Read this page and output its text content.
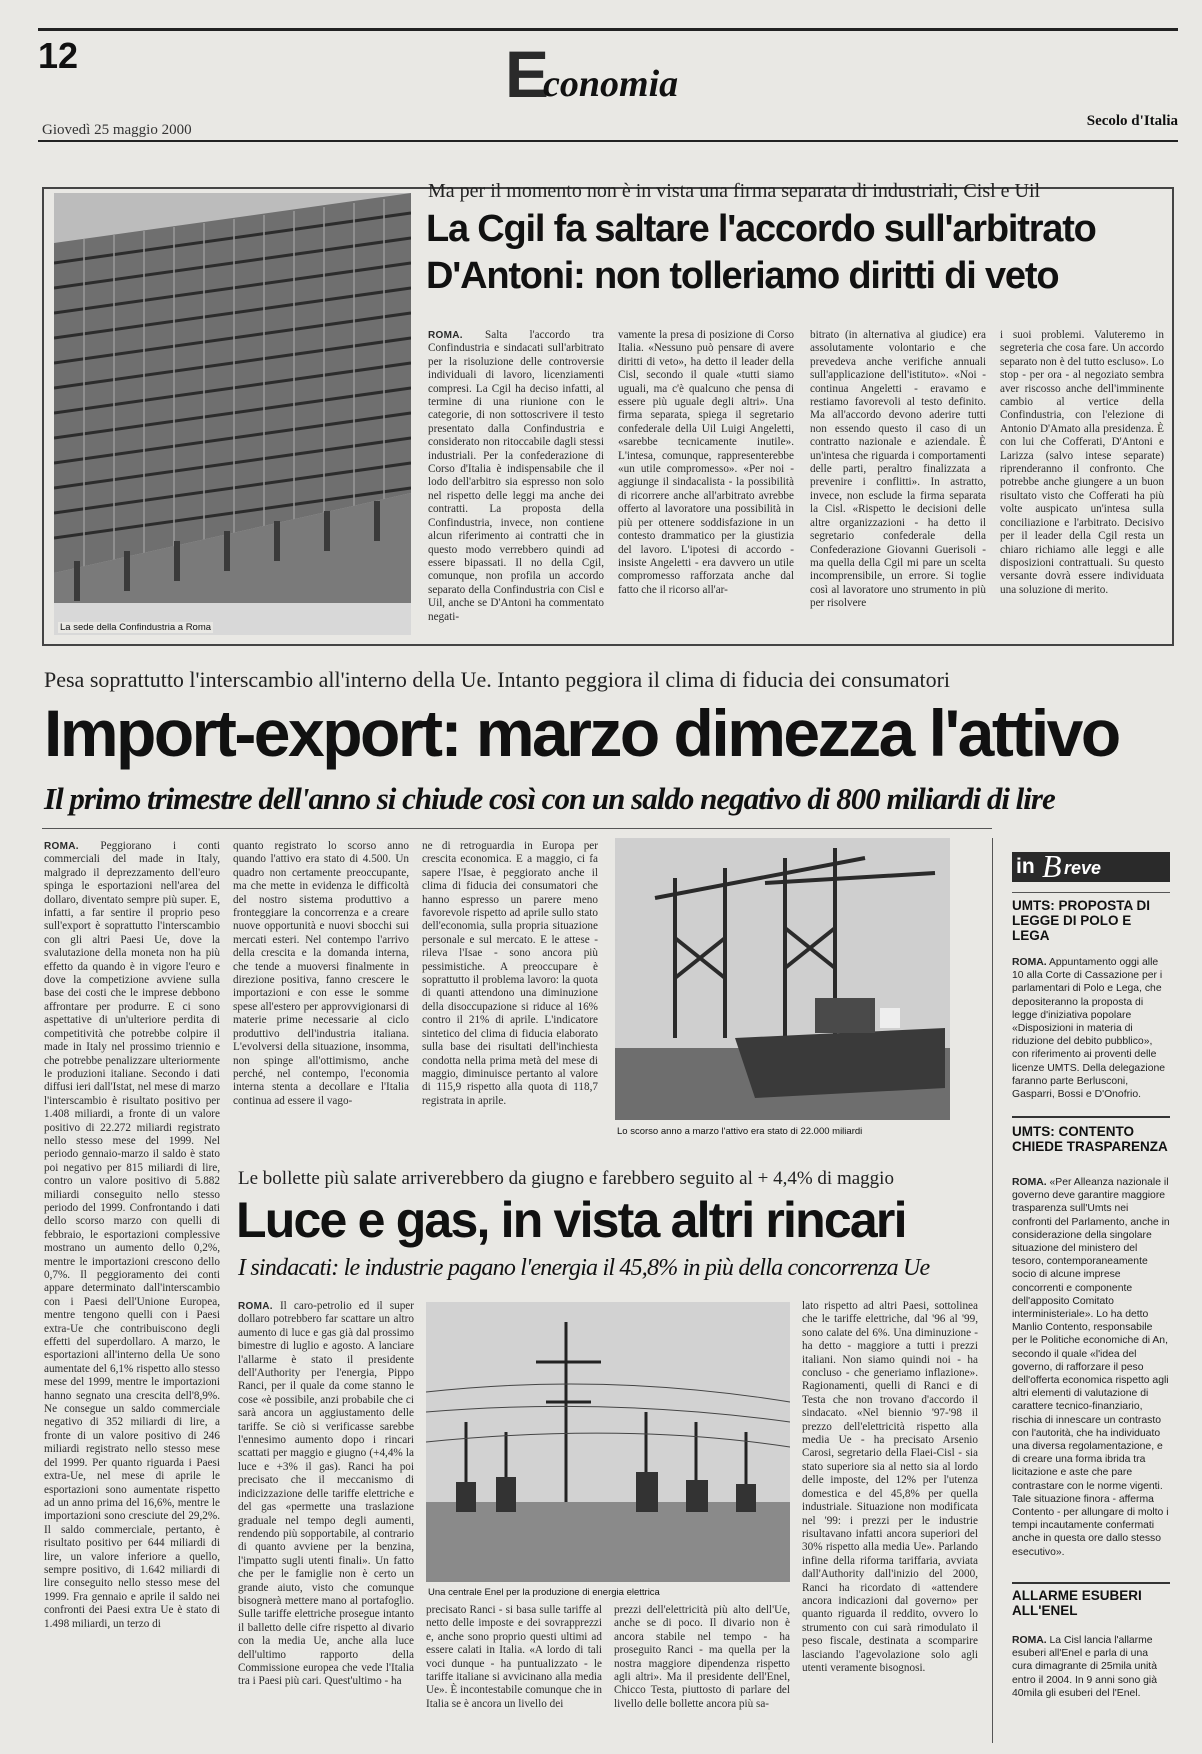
12	Economia
Giovedì 25 maggio 2000
Secolo d'Italia
La sede della Confindustria a Roma
Ma per il momento non è in vista una firma separata di industriali, Cisl e Uil
La Cgil fa saltare l'accordo sull'arbitrato
D'Antoni: non tolleriamo diritti di veto
ROMA. Salta l'accordo tra Confindustria e sindacati sull'arbitrato per la risoluzione delle controversie individuali di lavoro, licenziamenti compresi. La Cgil ha deciso infatti, al termine di una riunione con le categorie, di non sottoscrivere il testo presentato dalla Confindustria e considerato non ritoccabile dagli stessi industriali. Per la confederazione di Corso d'Italia è indispensabile che il lodo dell'arbitro sia espresso non solo nel rispetto delle leggi ma anche dei contratti. La proposta della Confindustria, invece, non contiene alcun riferimento ai contratti che in questo modo verrebbero quindi ad essere bipassati. Il no della Cgil, comunque, non profila un accordo separato della Confindustria con Cisl e Uil, anche se D'Antoni ha commentato negati-
vamente la presa di posizione di Corso Italia. «Nessuno può pensare di avere diritti di veto», ha detto il leader della Cisl, secondo il quale «tutti siamo uguali, ma c'è qualcuno che pensa di essere più uguale degli altri». Una firma separata, spiega il segretario confederale della Uil Luigi Angeletti, «sarebbe tecnicamente inutile». L'intesa, comunque, rappresenterebbe «un utile compromesso». «Per noi - aggiunge il sindacalista - la possibilità di ricorrere anche all'arbitrato avrebbe offerto al lavoratore una possibilità in più per ottenere soddisfazione in un contesto drammatico per la giustizia del lavoro. L'ipotesi di accordo - insiste Angeletti - era davvero un utile compromesso rafforzata anche dal fatto che il ricorso all'ar-
bitrato (in alternativa al giudice) era assolutamente volontario e che prevedeva anche verifiche annuali sull'applicazione dell'istituto». «Noi - continua Angeletti - eravamo e restiamo favorevoli al testo definito. Ma all'accordo devono aderire tutti non essendo questo il caso di un contratto nazionale e aziendale. È un'intesa che riguarda i comportamenti delle parti, peraltro finalizzata a prevenire i conflitti». In astratto, invece, non esclude la firma separata la Cisl. «Rispetto le decisioni delle altre organizzazioni - ha detto il segretario confederale della Confederazione Giovanni Guerisoli - ma quella della Cgil mi pare un scelta incomprensibile, un errore. Si toglie così al lavoratore uno strumento in più per risolvere
i suoi problemi. Valuteremo in segreteria che cosa fare. Un accordo separato non è del tutto escluso». Lo stop - per ora - al negoziato sembra aver riscosso anche dell'imminente cambio al vertice della Confindustria, con l'elezione di Antonio D'Amato alla presidenza. È con lui che Cofferati, D'Antoni e Larizza (salvo intese separate) riprenderanno il confronto. Che potrebbe anche giungere a un buon risultato visto che Cofferati ha più volte auspicato un'intesa sulla conciliazione e l'arbitrato. Decisivo per il leader della Cgil resta un chiaro richiamo alle leggi e alle disposizioni contrattuali. Su questo versante dovrà essere individuata una soluzione di merito.
Pesa soprattutto l'interscambio all'interno della Ue. Intanto peggiora il clima di fiducia dei consumatori
Import-export: marzo dimezza l'attivo
Il primo trimestre dell'anno si chiude così con un saldo negativo di 800 miliardi di lire
ROMA. Peggiorano i conti commerciali del made in Italy, malgrado il deprezzamento dell'euro spinga le esportazioni nell'area del dollaro, diventato sempre più super. E, infatti, a far sentire il proprio peso sull'export è soprattutto l'interscambio con gli altri Paesi Ue, dove la svalutazione della moneta non ha più effetto da quando è in vigore l'euro e dove la competizione avviene sulla base dei costi che le imprese debbono affrontare per produrre. E ci sono aspettative di un'ulteriore perdita di competitività che potrebbe colpire il made in Italy nel prossimo triennio e che potrebbe penalizzare ulteriormente le produzioni italiane. Secondo i dati diffusi ieri dall'Istat, nel mese di marzo l'interscambio è risultato positivo per 1.408 miliardi, a fronte di un valore positivo di 22.272 miliardi registrato nello stesso mese del 1999. Nel periodo gennaio-marzo il saldo è stato poi negativo per 815 miliardi di lire, contro un valore positivo di 5.882 miliardi conseguito nello stesso periodo del 1999. Confrontando i dati dello scorso marzo con quelli di febbraio, le esportazioni complessive mostrano un aumento dello 0,2%, mentre le importazioni crescono dello 0,7%. Il peggioramento dei conti appare determinato dall'interscambio con i Paesi dell'Unione Europea, mentre tengono quelli con i Paesi extra-Ue che contribuiscono degli effetti del superdollaro. A marzo, le esportazioni all'interno della Ue sono aumentate del 6,1% rispetto allo stesso mese del 1999, mentre le importazioni hanno segnato una crescita dell'8,9%. Ne consegue un saldo commerciale negativo di 352 miliardi di lire, a fronte di un valore positivo di 246 miliardi registrato nello stesso mese del 1999. Per quanto riguarda i Paesi extra-Ue, nel mese di aprile le esportazioni sono aumentate rispetto ad un anno prima del 16,6%, mentre le importazioni sono cresciute del 29,2%. Il saldo commerciale, pertanto, è risultato positivo per 644 miliardi di lire, un valore inferiore a quello, sempre positivo, di 1.642 miliardi di lire conseguito nello stesso mese del 1999. Fra gennaio e aprile il saldo nei confronti dei Paesi extra Ue è stato di 1.498 miliardi, un terzo di
quanto registrato lo scorso anno quando l'attivo era stato di 4.500. Un quadro non certamente preoccupante, ma che mette in evidenza le difficoltà del nostro sistema produttivo a fronteggiare la concorrenza e a creare nuove opportunità e nuovi sbocchi sui mercati esteri. Nel contempo l'arrivo della crescita e la domanda interna, che tende a muoversi finalmente in direzione positiva, fanno crescere le importazioni e con esse le somme spese all'estero per approvvigionarsi di materie prime necessarie al ciclo produttivo dell'industria italiana. L'evolversi della situazione, insomma, non spinge all'ottimismo, anche perché, nel contempo, l'economia interna stenta a decollare e l'Italia continua ad essere il vago-
ne di retroguardia in Europa per crescita economica. E a maggio, ci fa sapere l'Isae, è peggiorato anche il clima di fiducia dei consumatori che hanno espresso un parere meno favorevole rispetto ad aprile sullo stato dell'economia, sulla propria situazione personale e sul mercato. E le attese - rileva l'Isae - sono ancora più pessimistiche. A preoccupare è soprattutto il problema lavoro: la quota di quanti attendono una diminuzione della disoccupazione si riduce al 16% contro il 21% di aprile. L'indicatore sintetico del clima di fiducia elaborato sulla base dei risultati dell'inchiesta condotta nella prima metà del mese di maggio, diminuisce pertanto al valore di 115,9 rispetto alla quota di 118,7 registrata in aprile.
Lo scorso anno a marzo l'attivo era stato di 22.000 miliardi
Le bollette più salate arriverebbero da giugno e farebbero seguito al + 4,4% di maggio
Luce e gas, in vista altri rincari
I sindacati: le industrie pagano l'energia il 45,8% in più della concorrenza Ue
ROMA. Il caro-petrolio ed il super dollaro potrebbero far scattare un altro aumento di luce e gas già dal prossimo bimestre di luglio e agosto. A lanciare l'allarme è stato il presidente dell'Authority per l'energia, Pippo Ranci, per il quale da come stanno le cose «è possibile, anzi probabile che ci sarà ancora un aggiustamento delle tariffe. Se ciò si verificasse sarebbe l'ennesimo aumento dopo i rincari scattati per maggio e giugno (+4,4% la luce e +3% il gas). Ranci ha poi precisato che il meccanismo di indicizzazione delle tariffe elettriche e del gas «permette una traslazione graduale nel tempo degli aumenti, rendendo più sopportabile, al contrario di quanto avviene per la benzina, l'impatto sugli utenti finali». Un fatto che per le famiglie non è certo un grande aiuto, visto che comunque bisognerà mettere mano al portafoglio. Sulle tariffe elettriche prosegue intanto il balletto delle cifre rispetto al divario con la media Ue, anche alla luce dell'ultimo rapporto della Commissione europea che vede l'Italia tra i Paesi più cari. Quest'ultimo - ha
Una centrale Enel per la produzione di energia elettrica
precisato Ranci - si basa sulle tariffe al netto delle imposte e dei sovrapprezzi e, anche sono proprio questi ultimi ad essere calati in Italia. «A lordo di tali voci dunque - ha puntualizzato - le tariffe italiane si avvicinano alla media Ue». È incontestabile comunque che in Italia se è ancora un livello dei
prezzi dell'elettricità più alto dell'Ue, anche se di poco. Il divario non è ancora stabile nel tempo - ha proseguito Ranci - ma quella per la nostra maggiore dipendenza rispetto agli altri». Ma il presidente dell'Enel, Chicco Testa, piuttosto di parlare del livello delle bollette ancora più sa-
lato rispetto ad altri Paesi, sottolinea che le tariffe elettriche, dal '96 al '99, sono calate del 6%. Una diminuzione - ha detto - maggiore a tutti i prezzi italiani. Non siamo quindi noi - ha concluso - che generiamo inflazione». Ragionamenti, quelli di Ranci e di Testa che non trovano d'accordo il sindacato. «Nel biennio '97-'98 il prezzo dell'elettricità rispetto alla media Ue - ha precisato Arsenio Carosi, segretario della Flaei-Cisl - sia stato superiore sia al netto sia al lordo delle imposte, del 12% per l'utenza domestica e del 45,8% per quella industriale. Situazione non modificata nel '99: i prezzi per le industrie risultavano infatti ancora superiori del 30% rispetto alla media Ue». Parlando infine della riforma tariffaria, avviata dall'Authority dall'inizio del 2000, Ranci ha ricordato di «attendere ancora indicazioni dal governo» per quanto riguarda il reddito, ovvero lo strumento con cui sarà rimodulato il peso fiscale, destinata a scomparire lasciando l'agevolazione solo agli utenti veramente bisognosi.
in B reve
UMTS: PROPOSTA DI LEGGE DI POLO E LEGA
ROMA. Appuntamento oggi alle 10 alla Corte di Cassazione per i parlamentari di Polo e Lega, che depositeranno la proposta di legge d'iniziativa popolare «Disposizioni in materia di riduzione del debito pubblico», con riferimento ai proventi delle licenze UMTS. Della delegazione faranno parte Berlusconi, Gasparri, Bossi e D'Onofrio.
UMTS: CONTENTO CHIEDE TRASPARENZA
ROMA. «Per Alleanza nazionale il governo deve garantire maggiore trasparenza sull'Umts nei confronti del Parlamento, anche in considerazione della singolare situazione del ministero del tesoro, contemporaneamente socio di alcune imprese concorrenti e componente dell'apposito Comitato interministeriale». Lo ha detto Manlio Contento, responsabile per le Politiche economiche di An, secondo il quale «l'idea del governo, di rafforzare il peso dell'offerta economica rispetto agli altri elementi di valutazione di carattere tecnico-finanziario, rischia di innescare un contrasto con l'autorità, che ha individuato una diversa regolamentazione, e di creare una forma ibrida tra licitazione e aste che pare contrastare con le norme vigenti. Tale situazione finora - afferma Contento - per allungare di molto i tempi incautamente confermati anche in questa ore dallo stesso esecutivo».
ALLARME ESUBERI ALL'ENEL
ROMA. La Cisl lancia l'allarme esuberi all'Enel e parla di una cura dimagrante di 25mila unità entro il 2004. In 9 anni sono già 40mila gli esuberi del l'Enel.
